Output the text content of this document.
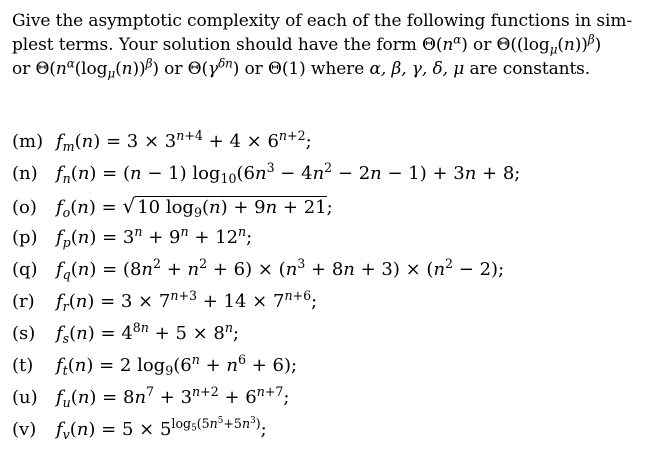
Give the asymptotic complexity of each of the following functions in sim-

plest terms. Your solution should have the form $\Theta(n^\alpha)$ or $\Theta((\log_\mu(n))^\beta)$

or $\Theta(n^\alpha(\log_\mu(n))^\beta)$ or $\Theta(\gamma^{\delta n})$ or Θ(1) where α, β, γ, δ, μ are constants.

(m) $f_m(n) = 3 \times 3^{n+4} + 4 \times 6^{n+2}$;
(n) $f_n(n) = (n - 1) \log_{10}(6n^3 - 4n^2 - 2n - 1) + 3n + 8$;
(o) $f_o(n)$ = √ 10 $\log_9(n) + 9n + 21$;
(p) $f_p(n) = 3^n + 9^n + 12^n$;
(q) $f_q(n) = (8n^2 + n^2 + 6) \times (n^3 + 8n + 3) \times (n^2 - 2)$;
(r) $f_r(n) = 3 \times 7^{n+3} + 14 \times 7^{n+6}$;
(s) $f_s(n) = 4^{8n} + 5 \times 8^n$;
(t) $f_t(n) = 2$ $\log_9(6^n + n^6 + 6)$;
(u) $f_u(n) = 8n^7 + 3^{n+2} + 6^{n+7}$;
(v) $f_v(n) = 5 \times 5^{log_5(5n^5+5n^3)}$;
